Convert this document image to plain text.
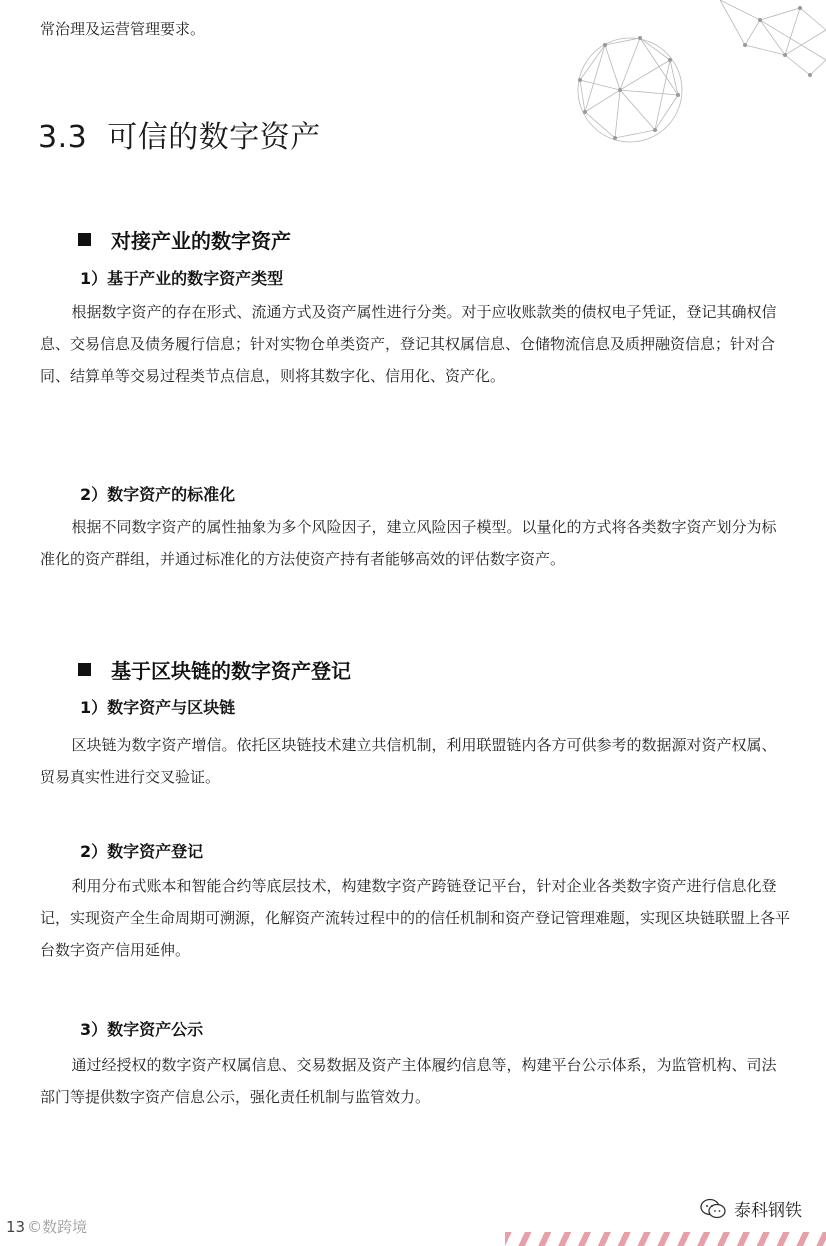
常治理及运营管理要求。
3.3 可信的数字资产
对接产业的数字资产
1）基于产业的数字资产类型
根据数字资产的存在形式、流通方式及资产属性进行分类。对于应收账款类的债权电子凭证，登记其确权信息、交易信息及债务履行信息；针对实物仓单类资产，登记其权属信息、仓储物流信息及质押融资信息；针对合同、结算单等交易过程类节点信息，则将其数字化、信用化、资产化。
2）数字资产的标准化
根据不同数字资产的属性抽象为多个风险因子，建立风险因子模型。以量化的方式将各类数字资产划分为标准化的资产群组，并通过标准化的方法使资产持有者能够高效的评估数字资产。
基于区块链的数字资产登记
1）数字资产与区块链
区块链为数字资产增信。依托区块链技术建立共信机制，利用联盟链内各方可供参考的数据源对资产权属、贸易真实性进行交叉验证。
2）数字资产登记
利用分布式账本和智能合约等底层技术，构建数字资产跨链登记平台，针对企业各类数字资产进行信息化登记，实现资产全生命周期可溯源，化解资产流转过程中的的信任机制和资产登记管理难题，实现区块链联盟上各平台数字资产信用延伸。
3）数字资产公示
通过经授权的数字资产权属信息、交易数据及资产主体履约信息等，构建平台公示体系，为监管机构、司法部门等提供数字资产信息公示，强化责任机制与监管效力。
13 ©数跨境
泰科钢铁
